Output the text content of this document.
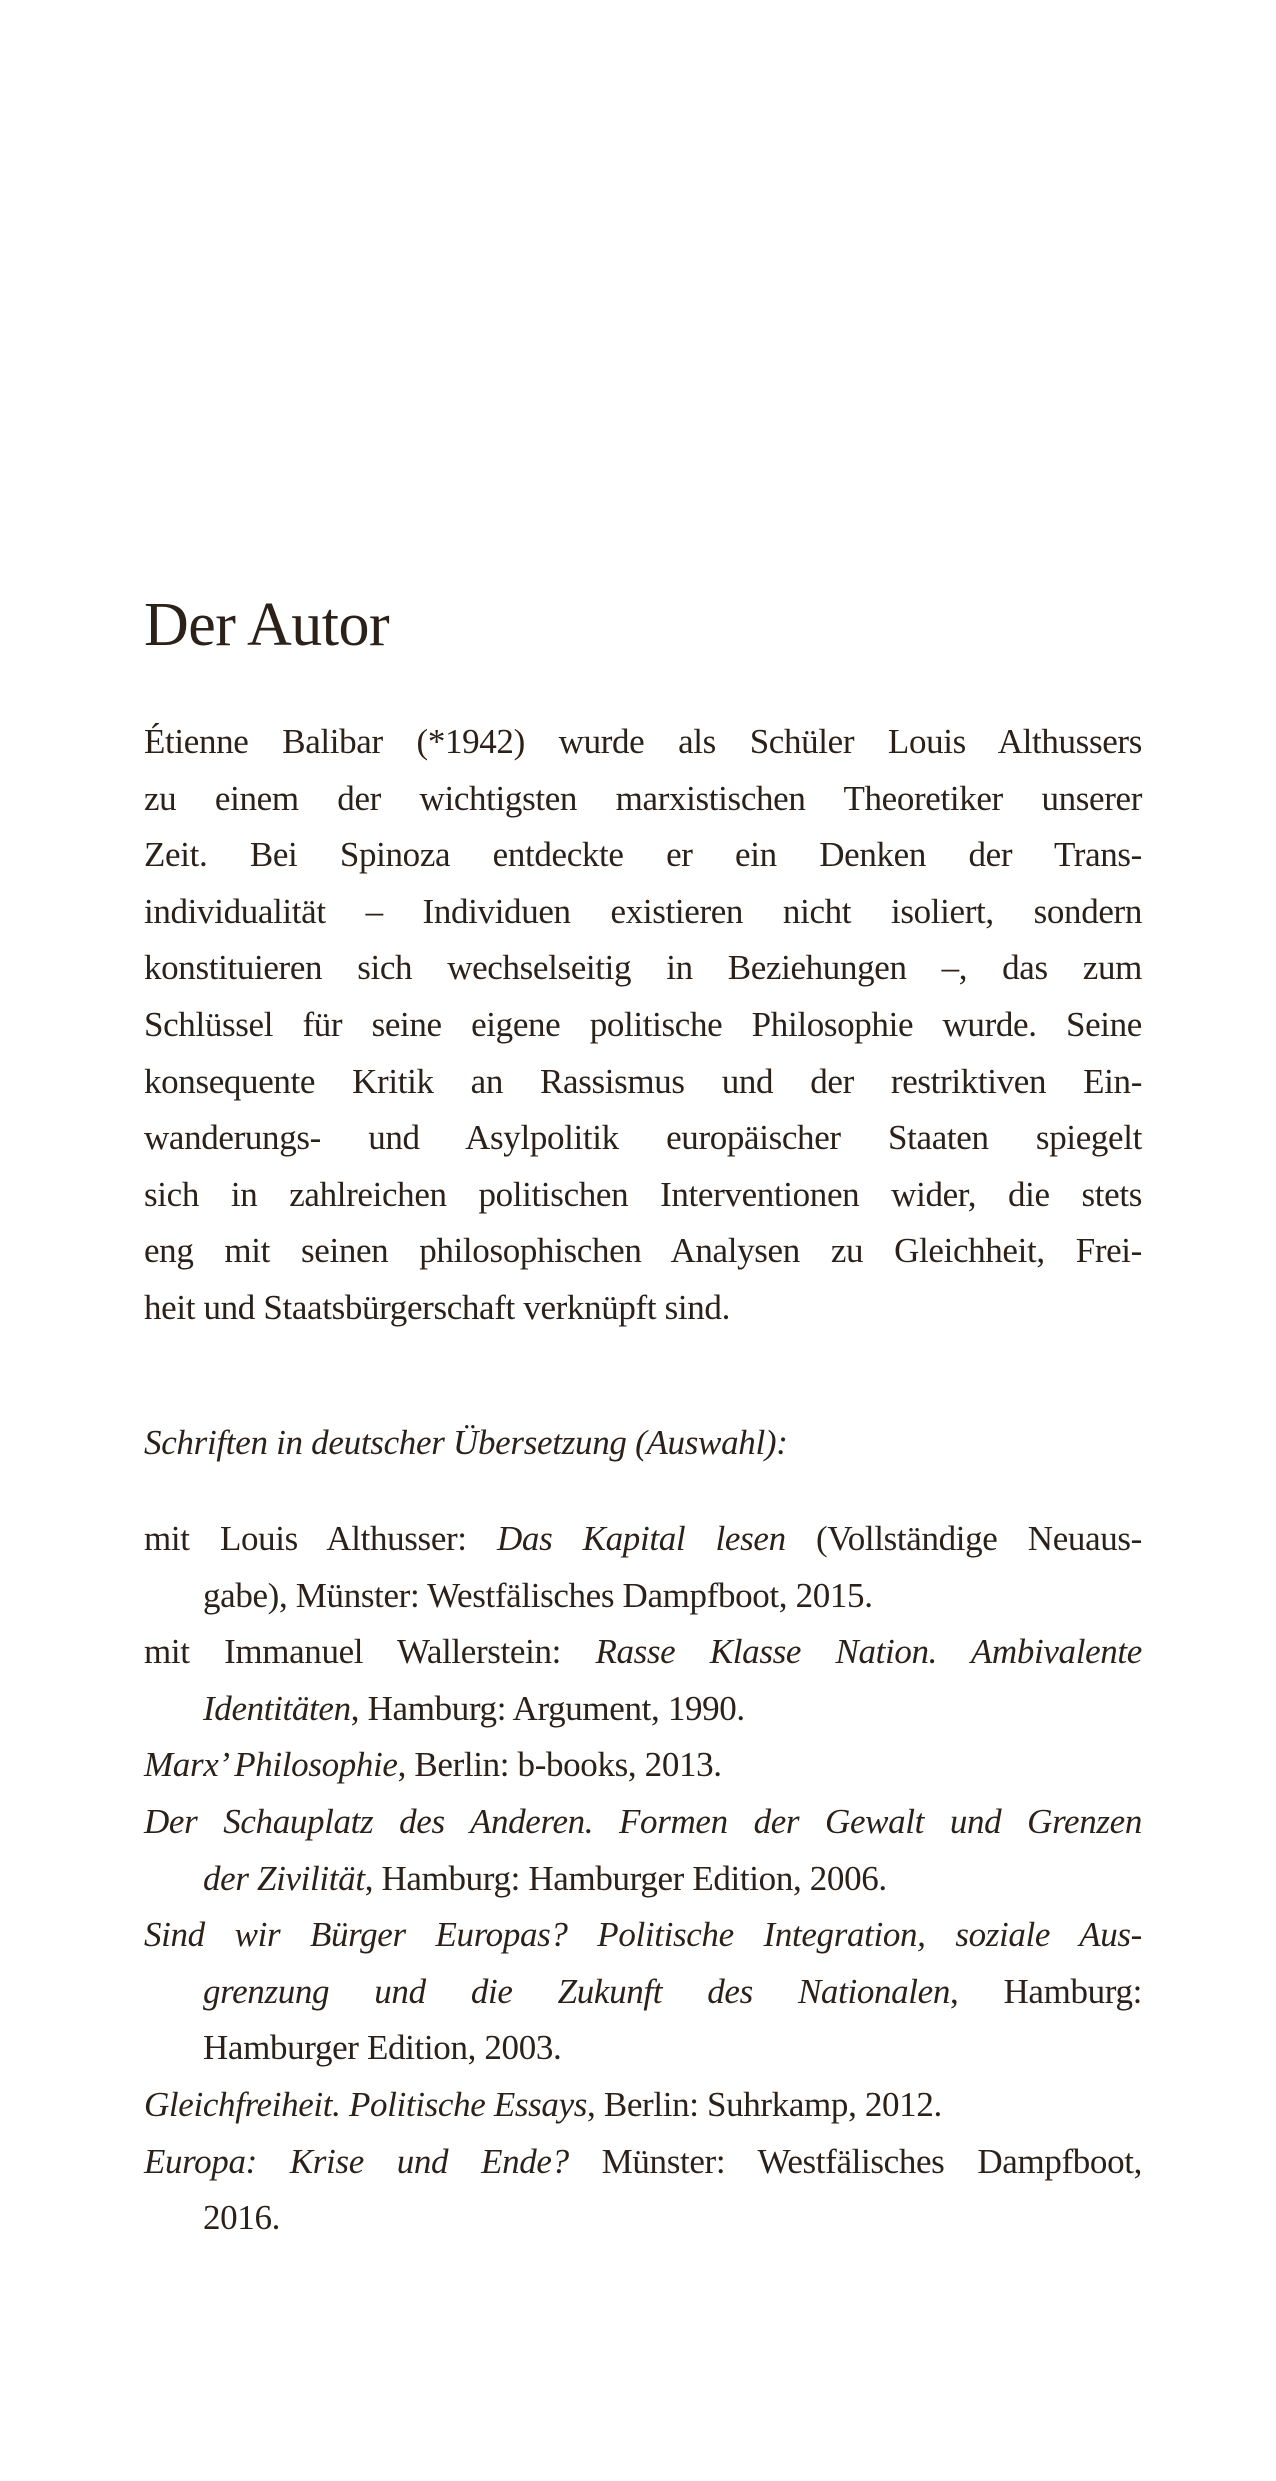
Der Autor
Étienne Balibar (*1942) wurde als Schüler Louis Althussers
zu einem der wichtigsten marxistischen Theoretiker unserer
Zeit. Bei Spinoza entdeckte er ein Denken der Trans-
individualität – Individuen existieren nicht isoliert, sondern
konstituieren sich wechselseitig in Beziehungen –, das zum
Schlüssel für seine eigene politische Philosophie wurde. Seine
konsequente Kritik an Rassismus und der restriktiven Ein-
wanderungs- und Asylpolitik europäischer Staaten spiegelt
sich in zahlreichen politischen Interventionen wider, die stets
eng mit seinen philosophischen Analysen zu Gleichheit, Frei-
heit und Staatsbürgerschaft verknüpft sind.
Schriften in deutscher Übersetzung (Auswahl):
mit Louis Althusser: Das Kapital lesen (Vollständige Neuaus-
gabe), Münster: Westfälisches Dampfboot, 2015.
mit Immanuel Wallerstein: Rasse Klasse Nation. Ambivalente
Identitäten, Hamburg: Argument, 1990.
Marx’ Philosophie, Berlin: b-books, 2013.
Der Schauplatz des Anderen. Formen der Gewalt und Grenzen
der Zivilität, Hamburg: Hamburger Edition, 2006.
Sind wir Bürger Europas? Politische Integration, soziale Aus-
grenzung und die Zukunft des Nationalen, Hamburg:
Hamburger Edition, 2003.
Gleichfreiheit. Politische Essays, Berlin: Suhrkamp, 2012.
Europa: Krise und Ende? Münster: Westfälisches Dampfboot,
2016.
